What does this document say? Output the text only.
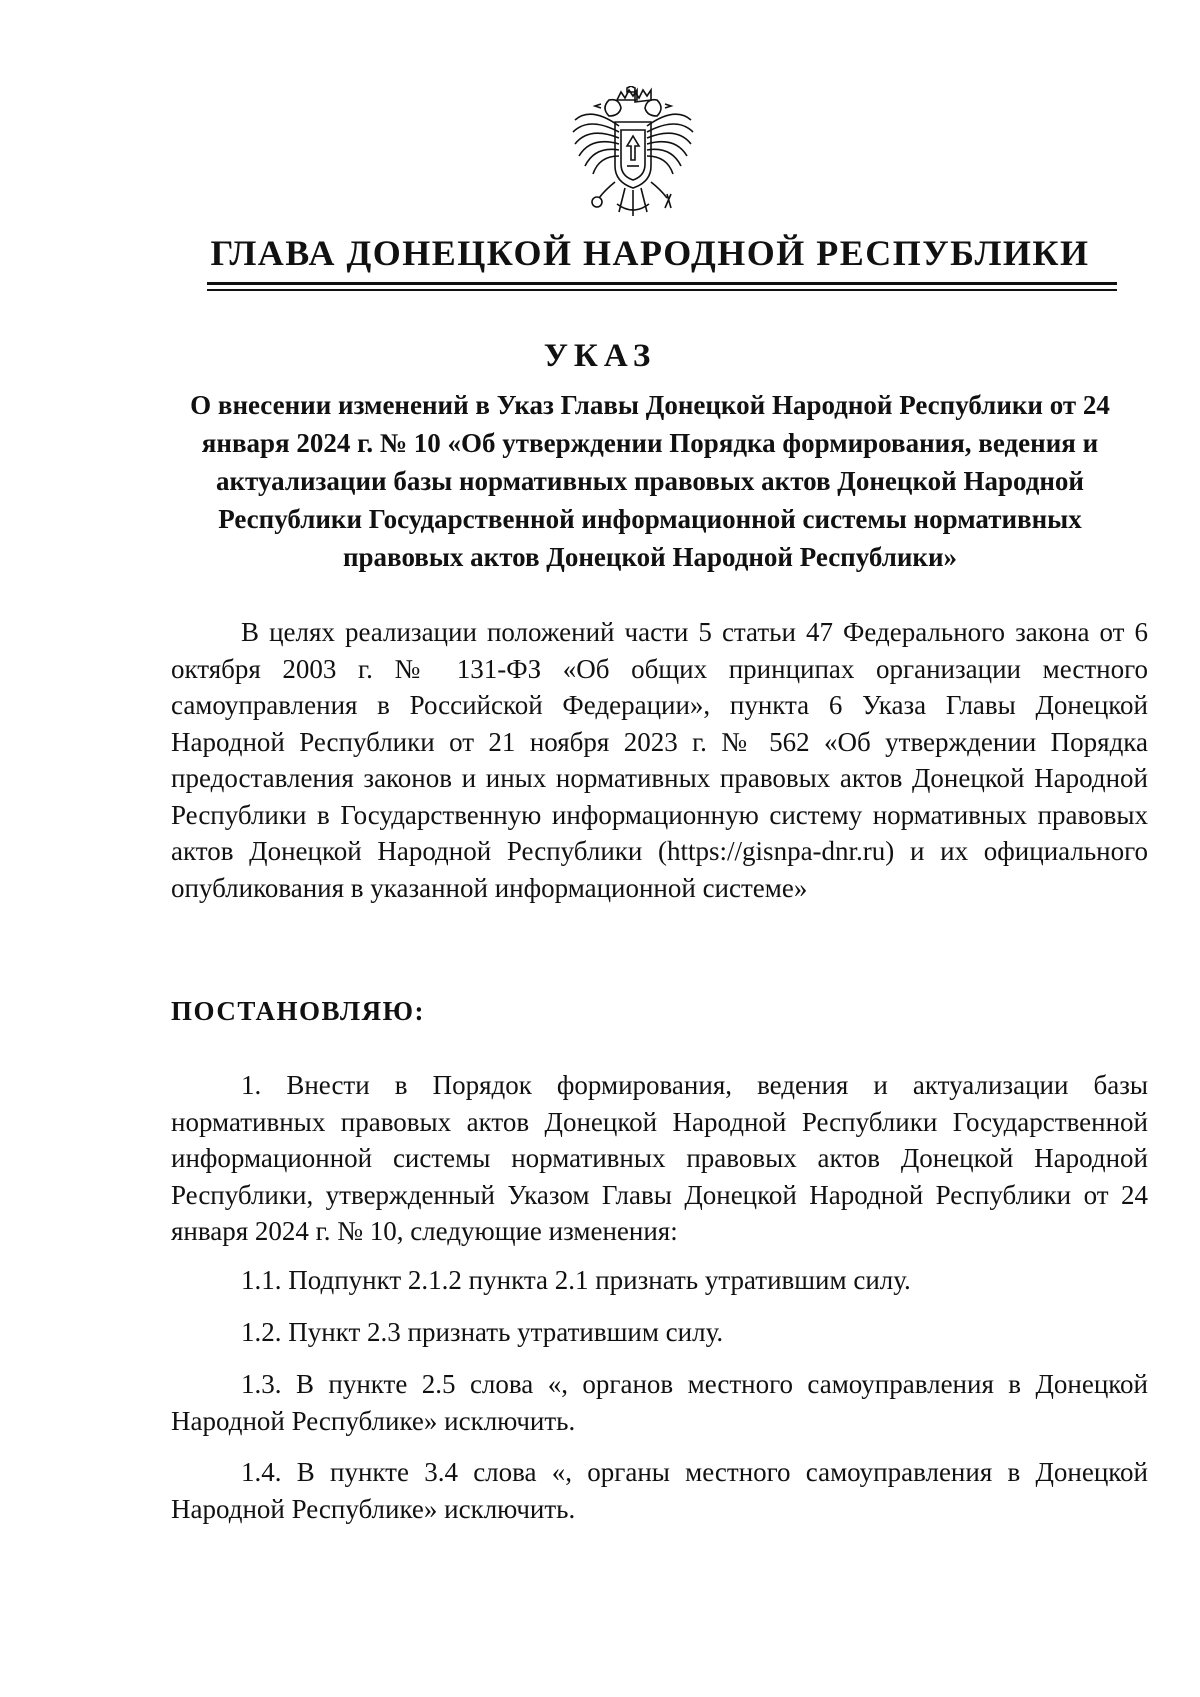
ГЛАВА ДОНЕЦКОЙ НАРОДНОЙ РЕСПУБЛИКИ
УКАЗ

О внесении изменений в Указ Главы Донецкой Народной Республики от 24 января 2024 г. № 10 «Об утверждении Порядка формирования, ведения и актуализации базы нормативных правовых актов Донецкой Народной Республики Государственной информационной системы нормативных правовых актов Донецкой Народной Республики»

В целях реализации положений части 5 статьи 47 Федерального закона от 6 октября 2003 г. № 131-ФЗ «Об общих принципах организации местного самоуправления в Российской Федерации», пункта 6 Указа Главы Донецкой Народной Республики от 21 ноября 2023 г. № 562 «Об утверждении Порядка предоставления законов и иных нормативных правовых актов Донецкой Народной Республики в Государственную информационную систему нормативных правовых актов Донецкой Народной Республики (https://gisnpa-dnr.ru) и их официального опубликования в указанной информационной системе»

ПОСТАНОВЛЯЮ:

1. Внести в Порядок формирования, ведения и актуализации базы нормативных правовых актов Донецкой Народной Республики Государственной информационной системы нормативных правовых актов Донецкой Народной Республики, утвержденный Указом Главы Донецкой Народной Республики от 24 января 2024 г. № 10, следующие изменения:

1.1. Подпункт 2.1.2 пункта 2.1 признать утратившим силу.

1.2. Пункт 2.3 признать утратившим силу.

1.3. В пункте 2.5 слова «, органов местного самоуправления в Донецкой Народной Республике» исключить.

1.4. В пункте 3.4 слова «, органы местного самоуправления в Донецкой Народной Республике» исключить.
